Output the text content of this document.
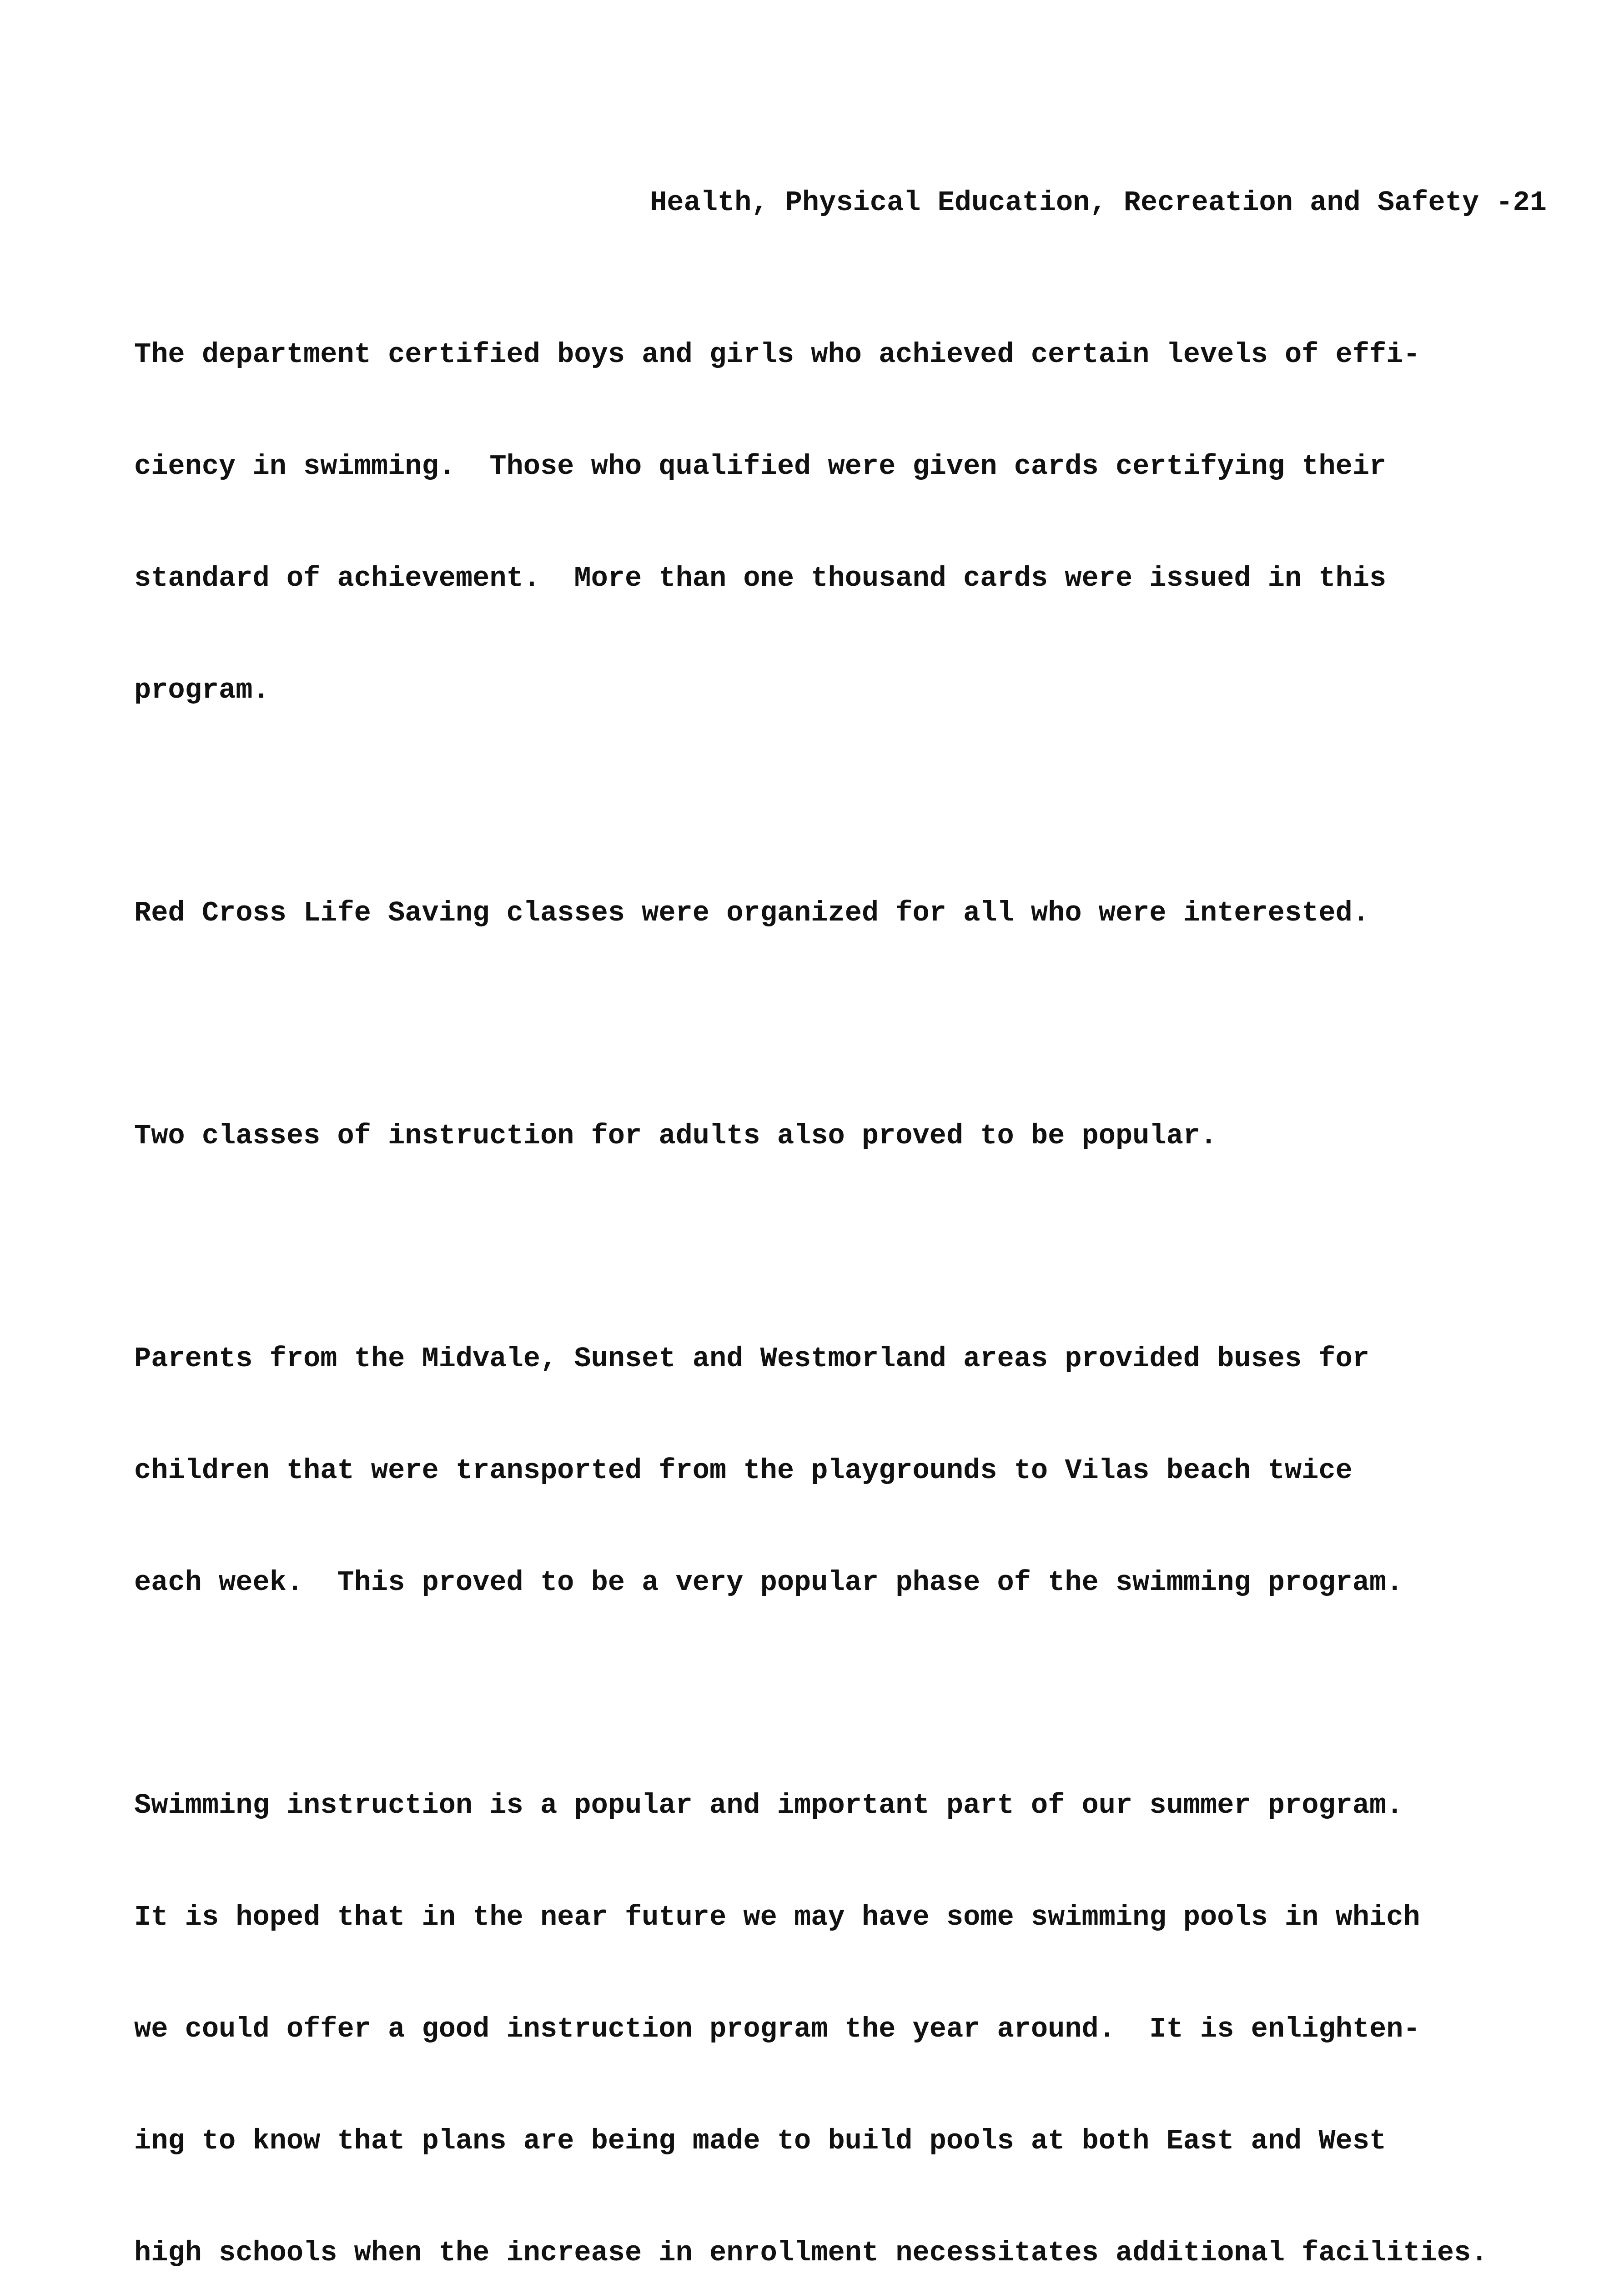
Health, Physical Education, Recreation and Safety -21

The department certified boys and girls who achieved certain levels of effi-

ciency in swimming.  Those who qualified were given cards certifying their

standard of achievement.  More than one thousand cards were issued in this

program.

Red Cross Life Saving classes were organized for all who were interested.

Two classes of instruction for adults also proved to be popular.

Parents from the Midvale, Sunset and Westmorland areas provided buses for

children that were transported from the playgrounds to Vilas beach twice

each week.  This proved to be a very popular phase of the swimming program.

Swimming instruction is a popular and important part of our summer program.

It is hoped that in the near future we may have some swimming pools in which

we could offer a good instruction program the year around.  It is enlighten-

ing to know that plans are being made to build pools at both East and West

high schools when the increase in enrollment necessitates additional facilities.
